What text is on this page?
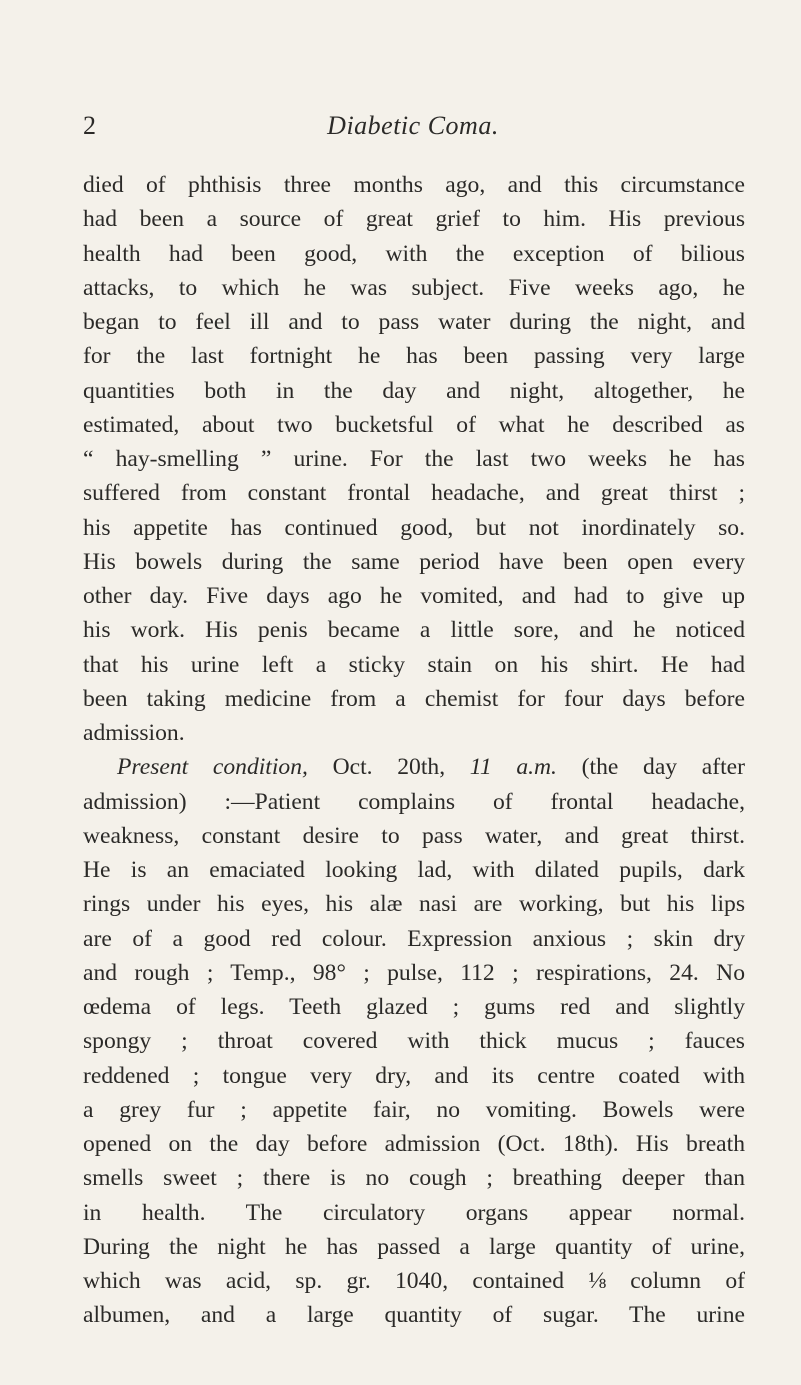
2	Diabetic Coma.
died of phthisis three months ago, and this circumstance
had been a source of great grief to him. His previous
health had been good, with the exception of bilious
attacks, to which he was subject. Five weeks ago, he
began to feel ill and to pass water during the night, and
for the last fortnight he has been passing very large
quantities both in the day and night, altogether, he
estimated, about two bucketsful of what he described as
“ hay-smelling ” urine. For the last two weeks he has
suffered from constant frontal headache, and great thirst ;
his appetite has continued good, but not inordinately so.
His bowels during the same period have been open every
other day. Five days ago he vomited, and had to give up
his work. His penis became a little sore, and he noticed
that his urine left a sticky stain on his shirt. He had
been taking medicine from a chemist for four days before
admission.
Present condition, Oct. 20th, 11 a.m. (the day after
admission) :—Patient complains of frontal headache,
weakness, constant desire to pass water, and great thirst.
He is an emaciated looking lad, with dilated pupils, dark
rings under his eyes, his alæ nasi are working, but his lips
are of a good red colour. Expression anxious ; skin dry
and rough ; Temp., 98° ; pulse, 112 ; respirations, 24. No
œdema of legs. Teeth glazed ; gums red and slightly
spongy ; throat covered with thick mucus ; fauces
reddened ; tongue very dry, and its centre coated with
a grey fur ; appetite fair, no vomiting. Bowels were
opened on the day before admission (Oct. 18th). His breath
smells sweet ; there is no cough ; breathing deeper than
in health. The circulatory organs appear normal.
During the night he has passed a large quantity of urine,
which was acid, sp. gr. 1040, contained ⅛ column of
albumen, and a large quantity of sugar. The urine
